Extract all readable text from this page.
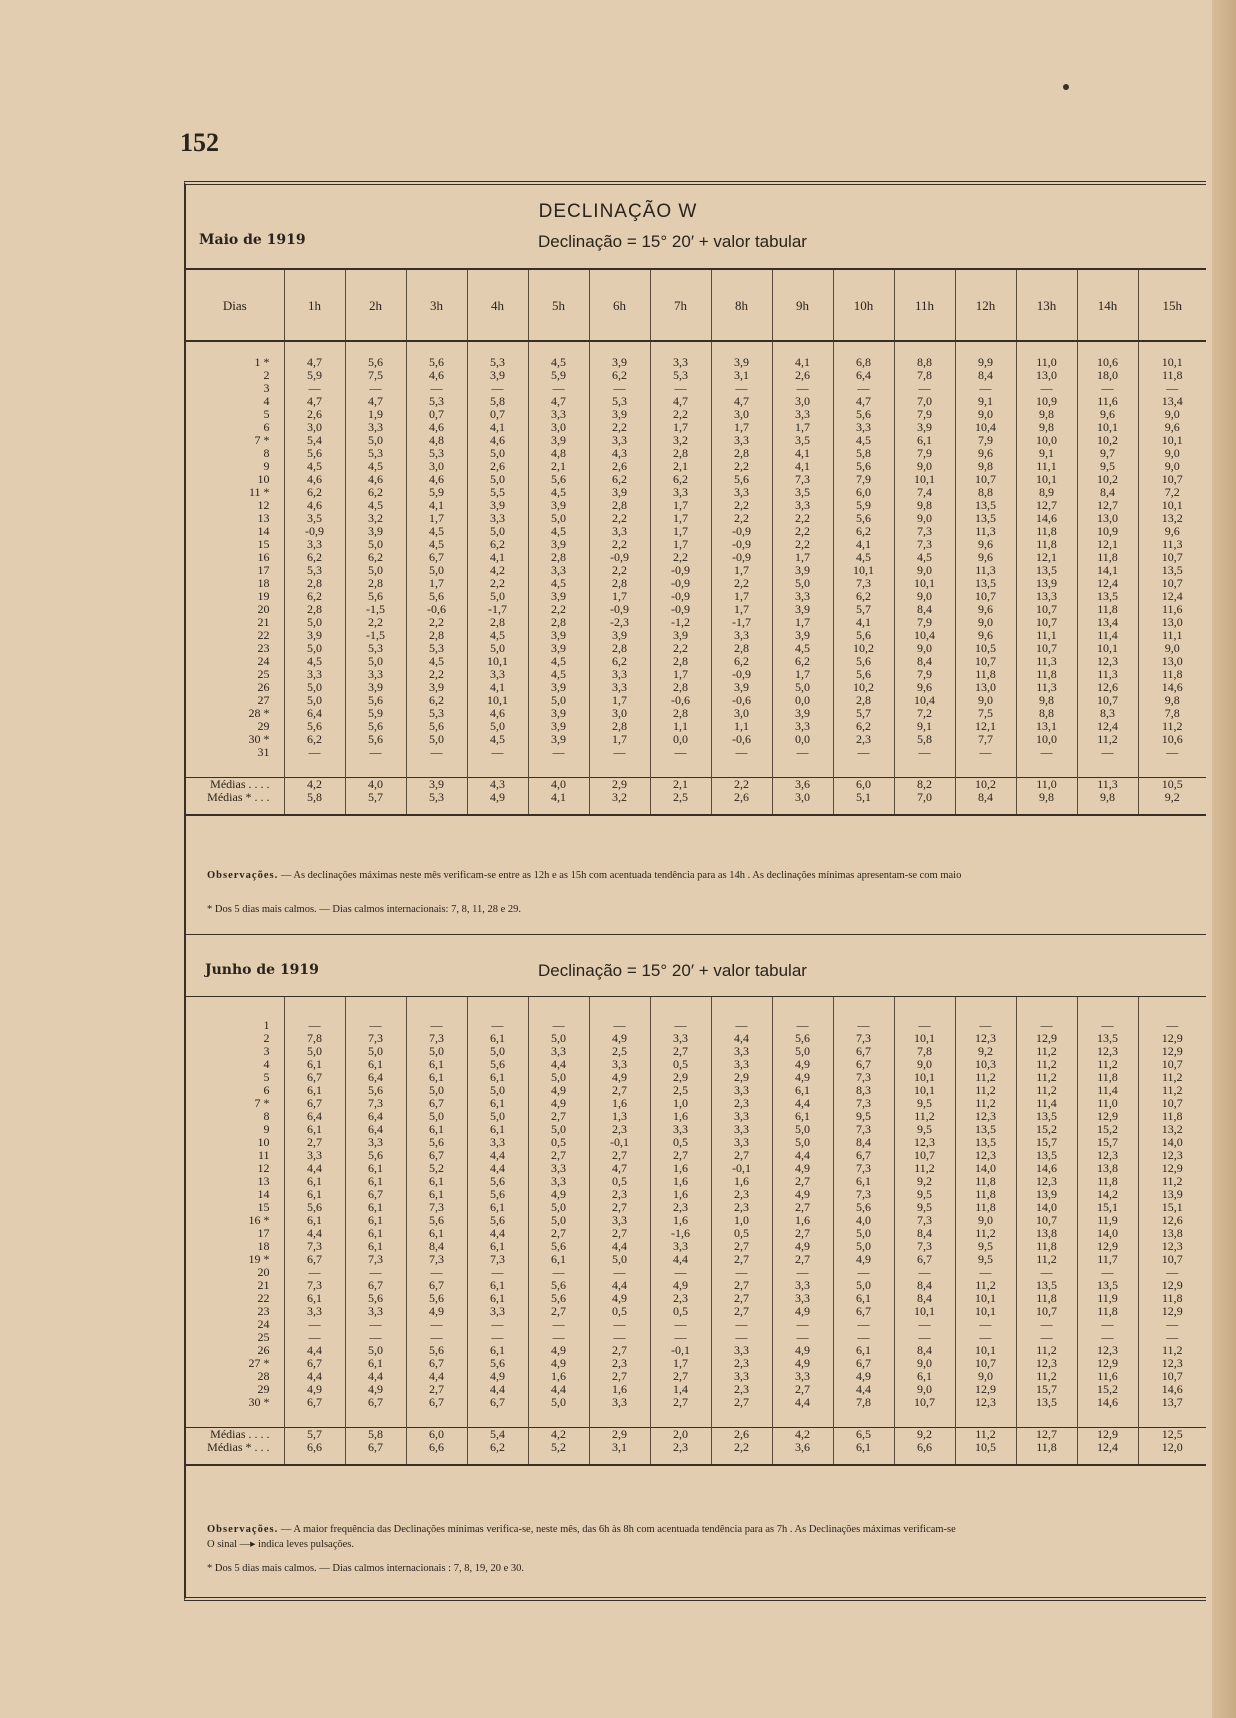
152
DECLINAÇÃO W
Maio de 1919	Declinação = 15° 20′ + valor tabular
Dias	1h	2h	3h	4h	5h	6h	7h	8h	9h	10h	11h	12h	13h	14h	15h

1 *	4,7	5,6	5,6	5,3	4,5	3,9	3,3	3,9	4,1	6,8	8,8	9,9	11,0	10,6	10,1
2	5,9	7,5	4,6	3,9	5,9	6,2	5,3	3,1	2,6	6,4	7,8	8,4	13,0	18,0	11,8
3	—	—	—	—	—	—	—	—	—	—	—	—	—	—	—
4	4,7	4,7	5,3	5,8	4,7	5,3	4,7	4,7	3,0	4,7	7,0	9,1	10,9	11,6	13,4
5	2,6	1,9	0,7	0,7	3,3	3,9	2,2	3,0	3,3	5,6	7,9	9,0	9,8	9,6	9,0
6	3,0	3,3	4,6	4,1	3,0	2,2	1,7	1,7	1,7	3,3	3,9	10,4	9,8	10,1	9,6
7 *	5,4	5,0	4,8	4,6	3,9	3,3	3,2	3,3	3,5	4,5	6,1	7,9	10,0	10,2	10,1
8	5,6	5,3	5,3	5,0	4,8	4,3	2,8	2,8	4,1	5,8	7,9	9,6	9,1	9,7	9,0
9	4,5	4,5	3,0	2,6	2,1	2,6	2,1	2,2	4,1	5,6	9,0	9,8	11,1	9,5	9,0
10	4,6	4,6	4,6	5,0	5,6	6,2	6,2	5,6	7,3	7,9	10,1	10,7	10,1	10,2	10,7
11 *	6,2	6,2	5,9	5,5	4,5	3,9	3,3	3,3	3,5	6,0	7,4	8,8	8,9	8,4	7,2
12	4,6	4,5	4,1	3,9	3,9	2,8	1,7	2,2	3,3	5,9	9,8	13,5	12,7	12,7	10,1
13	3,5	3,2	1,7	3,3	5,0	2,2	1,7	2,2	2,2	5,6	9,0	13,5	14,6	13,0	13,2
14	-0,9	3,9	4,5	5,0	4,5	3,3	1,7	-0,9	2,2	6,2	7,3	11,3	11,8	10,9	9,6
15	3,3	5,0	4,5	6,2	3,9	2,2	1,7	-0,9	2,2	4,1	7,3	9,6	11,8	12,1	11,3
16	6,2	6,2	6,7	4,1	2,8	-0,9	2,2	-0,9	1,7	4,5	4,5	9,6	12,1	11,8	10,7
17	5,3	5,0	5,0	4,2	3,3	2,2	-0,9	1,7	3,9	10,1	9,0	11,3	13,5	14,1	13,5
18	2,8	2,8	1,7	2,2	4,5	2,8	-0,9	2,2	5,0	7,3	10,1	13,5	13,9	12,4	10,7
19	6,2	5,6	5,6	5,0	3,9	1,7	-0,9	1,7	3,3	6,2	9,0	10,7	13,3	13,5	12,4
20	2,8	-1,5	-0,6	-1,7	2,2	-0,9	-0,9	1,7	3,9	5,7	8,4	9,6	10,7	11,8	11,6
21	5,0	2,2	2,2	2,8	2,8	-2,3	-1,2	-1,7	1,7	4,1	7,9	9,0	10,7	13,4	13,0
22	3,9	-1,5	2,8	4,5	3,9	3,9	3,9	3,3	3,9	5,6	10,4	9,6	11,1	11,4	11,1
23	5,0	5,3	5,3	5,0	3,9	2,8	2,2	2,8	4,5	10,2	9,0	10,5	10,7	10,1	9,0
24	4,5	5,0	4,5	10,1	4,5	6,2	2,8	6,2	6,2	5,6	8,4	10,7	11,3	12,3	13,0
25	3,3	3,3	2,2	3,3	4,5	3,3	1,7	-0,9	1,7	5,6	7,9	11,8	11,8	11,3	11,8
26	5,0	3,9	3,9	4,1	3,9	3,3	2,8	3,9	5,0	10,2	9,6	13,0	11,3	12,6	14,6
27	5,0	5,6	6,2	10,1	5,0	1,7	-0,6	-0,6	0,0	2,8	10,4	9,0	9,8	10,7	9,8
28 *	6,4	5,9	5,3	4,6	3,9	3,0	2,8	3,0	3,9	5,7	7,2	7,5	8,8	8,3	7,8
29	5,6	5,6	5,6	5,0	3,9	2,8	1,1	1,1	3,3	6,2	9,1	12,1	13,1	12,4	11,2
30 *	6,2	5,6	5,0	4,5	3,9	1,7	0,0	-0,6	0,0	2,3	5,8	7,7	10,0	11,2	10,6
31	—	—	—	—	—	—	—	—	—	—	—	—	—	—	—

Médias . . . .	4,2	4,0	3,9	4,3	4,0	2,9	2,1	2,2	3,6	6,0	8,2	10,2	11,0	11,3	10,5
Médias * . . .	5,8	5,7	5,3	4,9	4,1	3,2	2,5	2,6	3,0	5,1	7,0	8,4	9,8	9,8	9,2

Observações. — As declinações máximas neste mês verificam-se entre as 12h e as 15h com acentuada tendência para as 14h . As declinações mínimas apresentam-se com maio
* Dos 5 dias mais calmos. — Dias calmos internacionais: 7, 8, 11, 28 e 29.
Junho de 1919	Declinação = 15° 20′ + valor tabular

1	—	—	—	—	—	—	—	—	—	—	—	—	—	—	—
2	7,8	7,3	7,3	6,1	5,0	4,9	3,3	4,4	5,6	7,3	10,1	12,3	12,9	13,5	12,9
3	5,0	5,0	5,0	5,0	3,3	2,5	2,7	3,3	5,0	6,7	7,8	9,2	11,2	12,3	12,9
4	6,1	6,1	6,1	5,6	4,4	3,3	0,5	3,3	4,9	6,7	9,0	10,3	11,2	11,2	10,7
5	6,7	6,4	6,1	6,1	5,0	4,9	2,9	2,9	4,9	7,3	10,1	11,2	11,2	11,8	11,2
6	6,1	5,6	5,0	5,0	4,9	2,7	2,5	3,3	6,1	8,3	10,1	11,2	11,2	11,4	11,2
7 *	6,7	7,3	6,7	6,1	4,9	1,6	1,0	2,3	4,4	7,3	9,5	11,2	11,4	11,0	10,7
8	6,4	6,4	5,0	5,0	2,7	1,3	1,6	3,3	6,1	9,5	11,2	12,3	13,5	12,9	11,8
9	6,1	6,4	6,1	6,1	5,0	2,3	3,3	3,3	5,0	7,3	9,5	13,5	15,2	15,2	13,2
10	2,7	3,3	5,6	3,3	0,5	-0,1	0,5	3,3	5,0	8,4	12,3	13,5	15,7	15,7	14,0
11	3,3	5,6	6,7	4,4	2,7	2,7	2,7	2,7	4,4	6,7	10,7	12,3	13,5	12,3	12,3
12	4,4	6,1	5,2	4,4	3,3	4,7	1,6	-0,1	4,9	7,3	11,2	14,0	14,6	13,8	12,9
13	6,1	6,1	6,1	5,6	3,3	0,5	1,6	1,6	2,7	6,1	9,2	11,8	12,3	11,8	11,2
14	6,1	6,7	6,1	5,6	4,9	2,3	1,6	2,3	4,9	7,3	9,5	11,8	13,9	14,2	13,9
15	5,6	6,1	7,3	6,1	5,0	2,7	2,3	2,3	2,7	5,6	9,5	11,8	14,0	15,1	15,1
16 *	6,1	6,1	5,6	5,6	5,0	3,3	1,6	1,0	1,6	4,0	7,3	9,0	10,7	11,9	12,6
17	4,4	6,1	6,1	4,4	2,7	2,7	-1,6	0,5	2,7	5,0	8,4	11,2	13,8	14,0	13,8
18	7,3	6,1	8,4	6,1	5,6	4,4	3,3	2,7	4,9	5,0	7,3	9,5	11,8	12,9	12,3
19 *	6,7	7,3	7,3	7,3	6,1	5,0	4,4	2,7	2,7	4,9	6,7	9,5	11,2	11,7	10,7
20	—	—	—	—	—	—	—	—	—	—	—	—	—	—	—
21	7,3	6,7	6,7	6,1	5,6	4,4	4,9	2,7	3,3	5,0	8,4	11,2	13,5	13,5	12,9
22	6,1	5,6	5,6	6,1	5,6	4,9	2,3	2,7	3,3	6,1	8,4	10,1	11,8	11,9	11,8
23	3,3	3,3	4,9	3,3	2,7	0,5	0,5	2,7	4,9	6,7	10,1	10,1	10,7	11,8	12,9
24	—	—	—	—	—	—	—	—	—	—	—	—	—	—	—
25	—	—	—	—	—	—	—	—	—	—	—	—	—	—	—
26	4,4	5,0	5,6	6,1	4,9	2,7	-0,1	3,3	4,9	6,1	8,4	10,1	11,2	12,3	11,2
27 *	6,7	6,1	6,7	5,6	4,9	2,3	1,7	2,3	4,9	6,7	9,0	10,7	12,3	12,9	12,3
28	4,4	4,4	4,4	4,9	1,6	2,7	2,7	3,3	3,3	4,9	6,1	9,0	11,2	11,6	10,7
29	4,9	4,9	2,7	4,4	4,4	1,6	1,4	2,3	2,7	4,4	9,0	12,9	15,7	15,2	14,6
30 *	6,7	6,7	6,7	6,7	5,0	3,3	2,7	2,7	4,4	7,8	10,7	12,3	13,5	14,6	13,7

Médias . . . .	5,7	5,8	6,0	5,4	4,2	2,9	2,0	2,6	4,2	6,5	9,2	11,2	12,7	12,9	12,5
Médias * . . .	6,6	6,7	6,6	6,2	5,2	3,1	2,3	2,2	3,6	6,1	6,6	10,5	11,8	12,4	12,0

Observações. — A maior frequência das Declinações mínimas verifica-se, neste mês, das 6h às 8h com acentuada tendência para as 7h . As Declinações máximas verificam-se
O sinal —▸ indica leves pulsações.
* Dos 5 dias mais calmos. — Dias calmos internacionais : 7, 8, 19, 20 e 30.
